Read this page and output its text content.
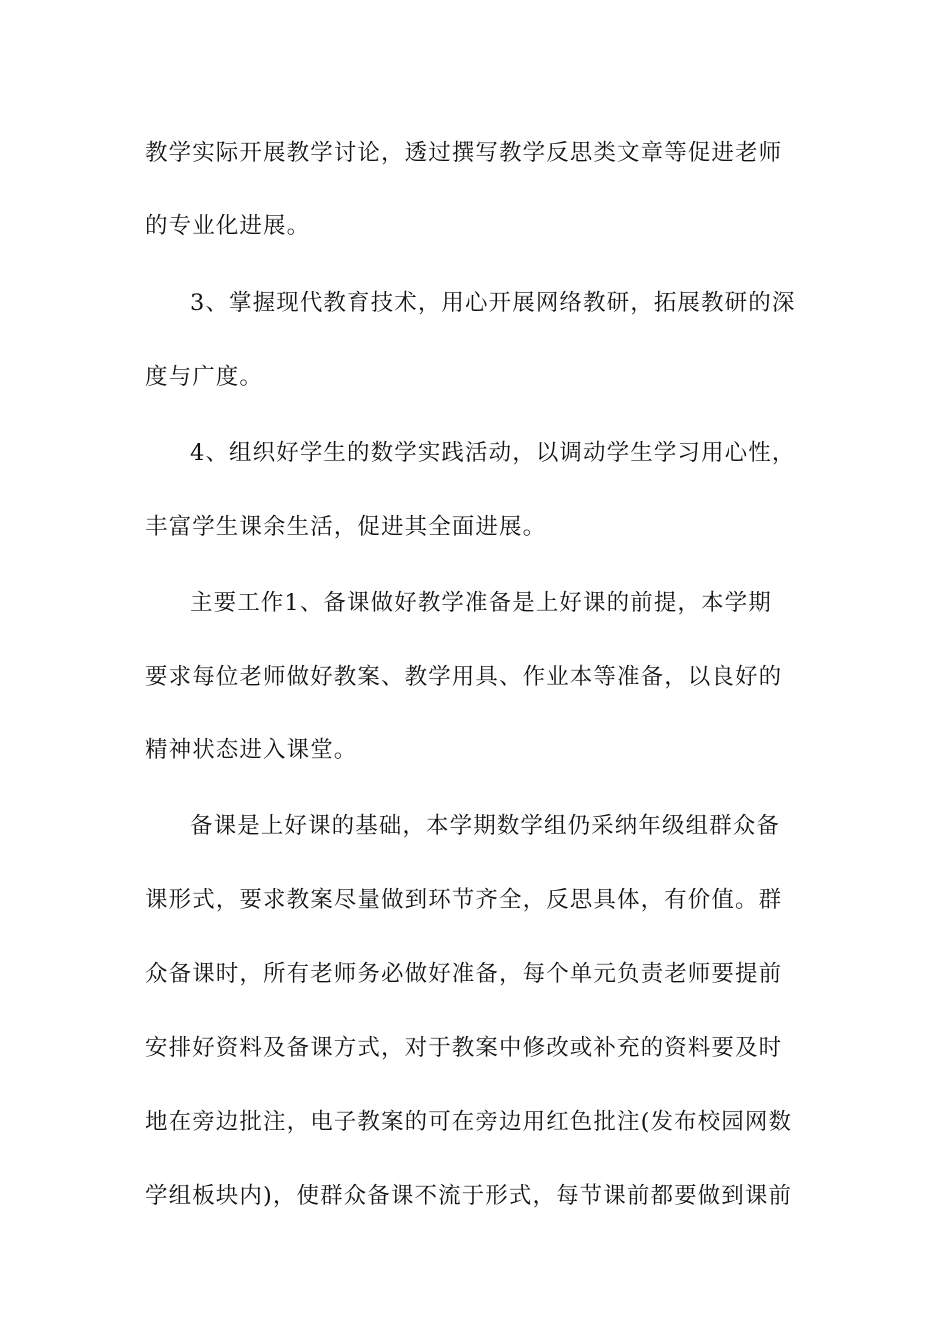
教学实际开展教学讨论，透过撰写教学反思类文章等促进老师
的专业化进展。
3、掌握现代教育技术，用心开展网络教研，拓展教研的深
度与广度。
4、组织好学生的数学实践活动，以调动学生学习用心性，
丰富学生课余生活，促进其全面进展。
主要工作1、备课做好教学准备是上好课的前提，本学期
要求每位老师做好教案、教学用具、作业本等准备，以良好的
精神状态进入课堂。
备课是上好课的基础，本学期数学组仍采纳年级组群众备
课形式，要求教案尽量做到环节齐全，反思具体，有价值。群
众备课时，所有老师务必做好准备，每个单元负责老师要提前
安排好资料及备课方式，对于教案中修改或补充的资料要及时
地在旁边批注，电子教案的可在旁边用红色批注(发布校园网数
学组板块内)，使群众备课不流于形式，每节课前都要做到课前
